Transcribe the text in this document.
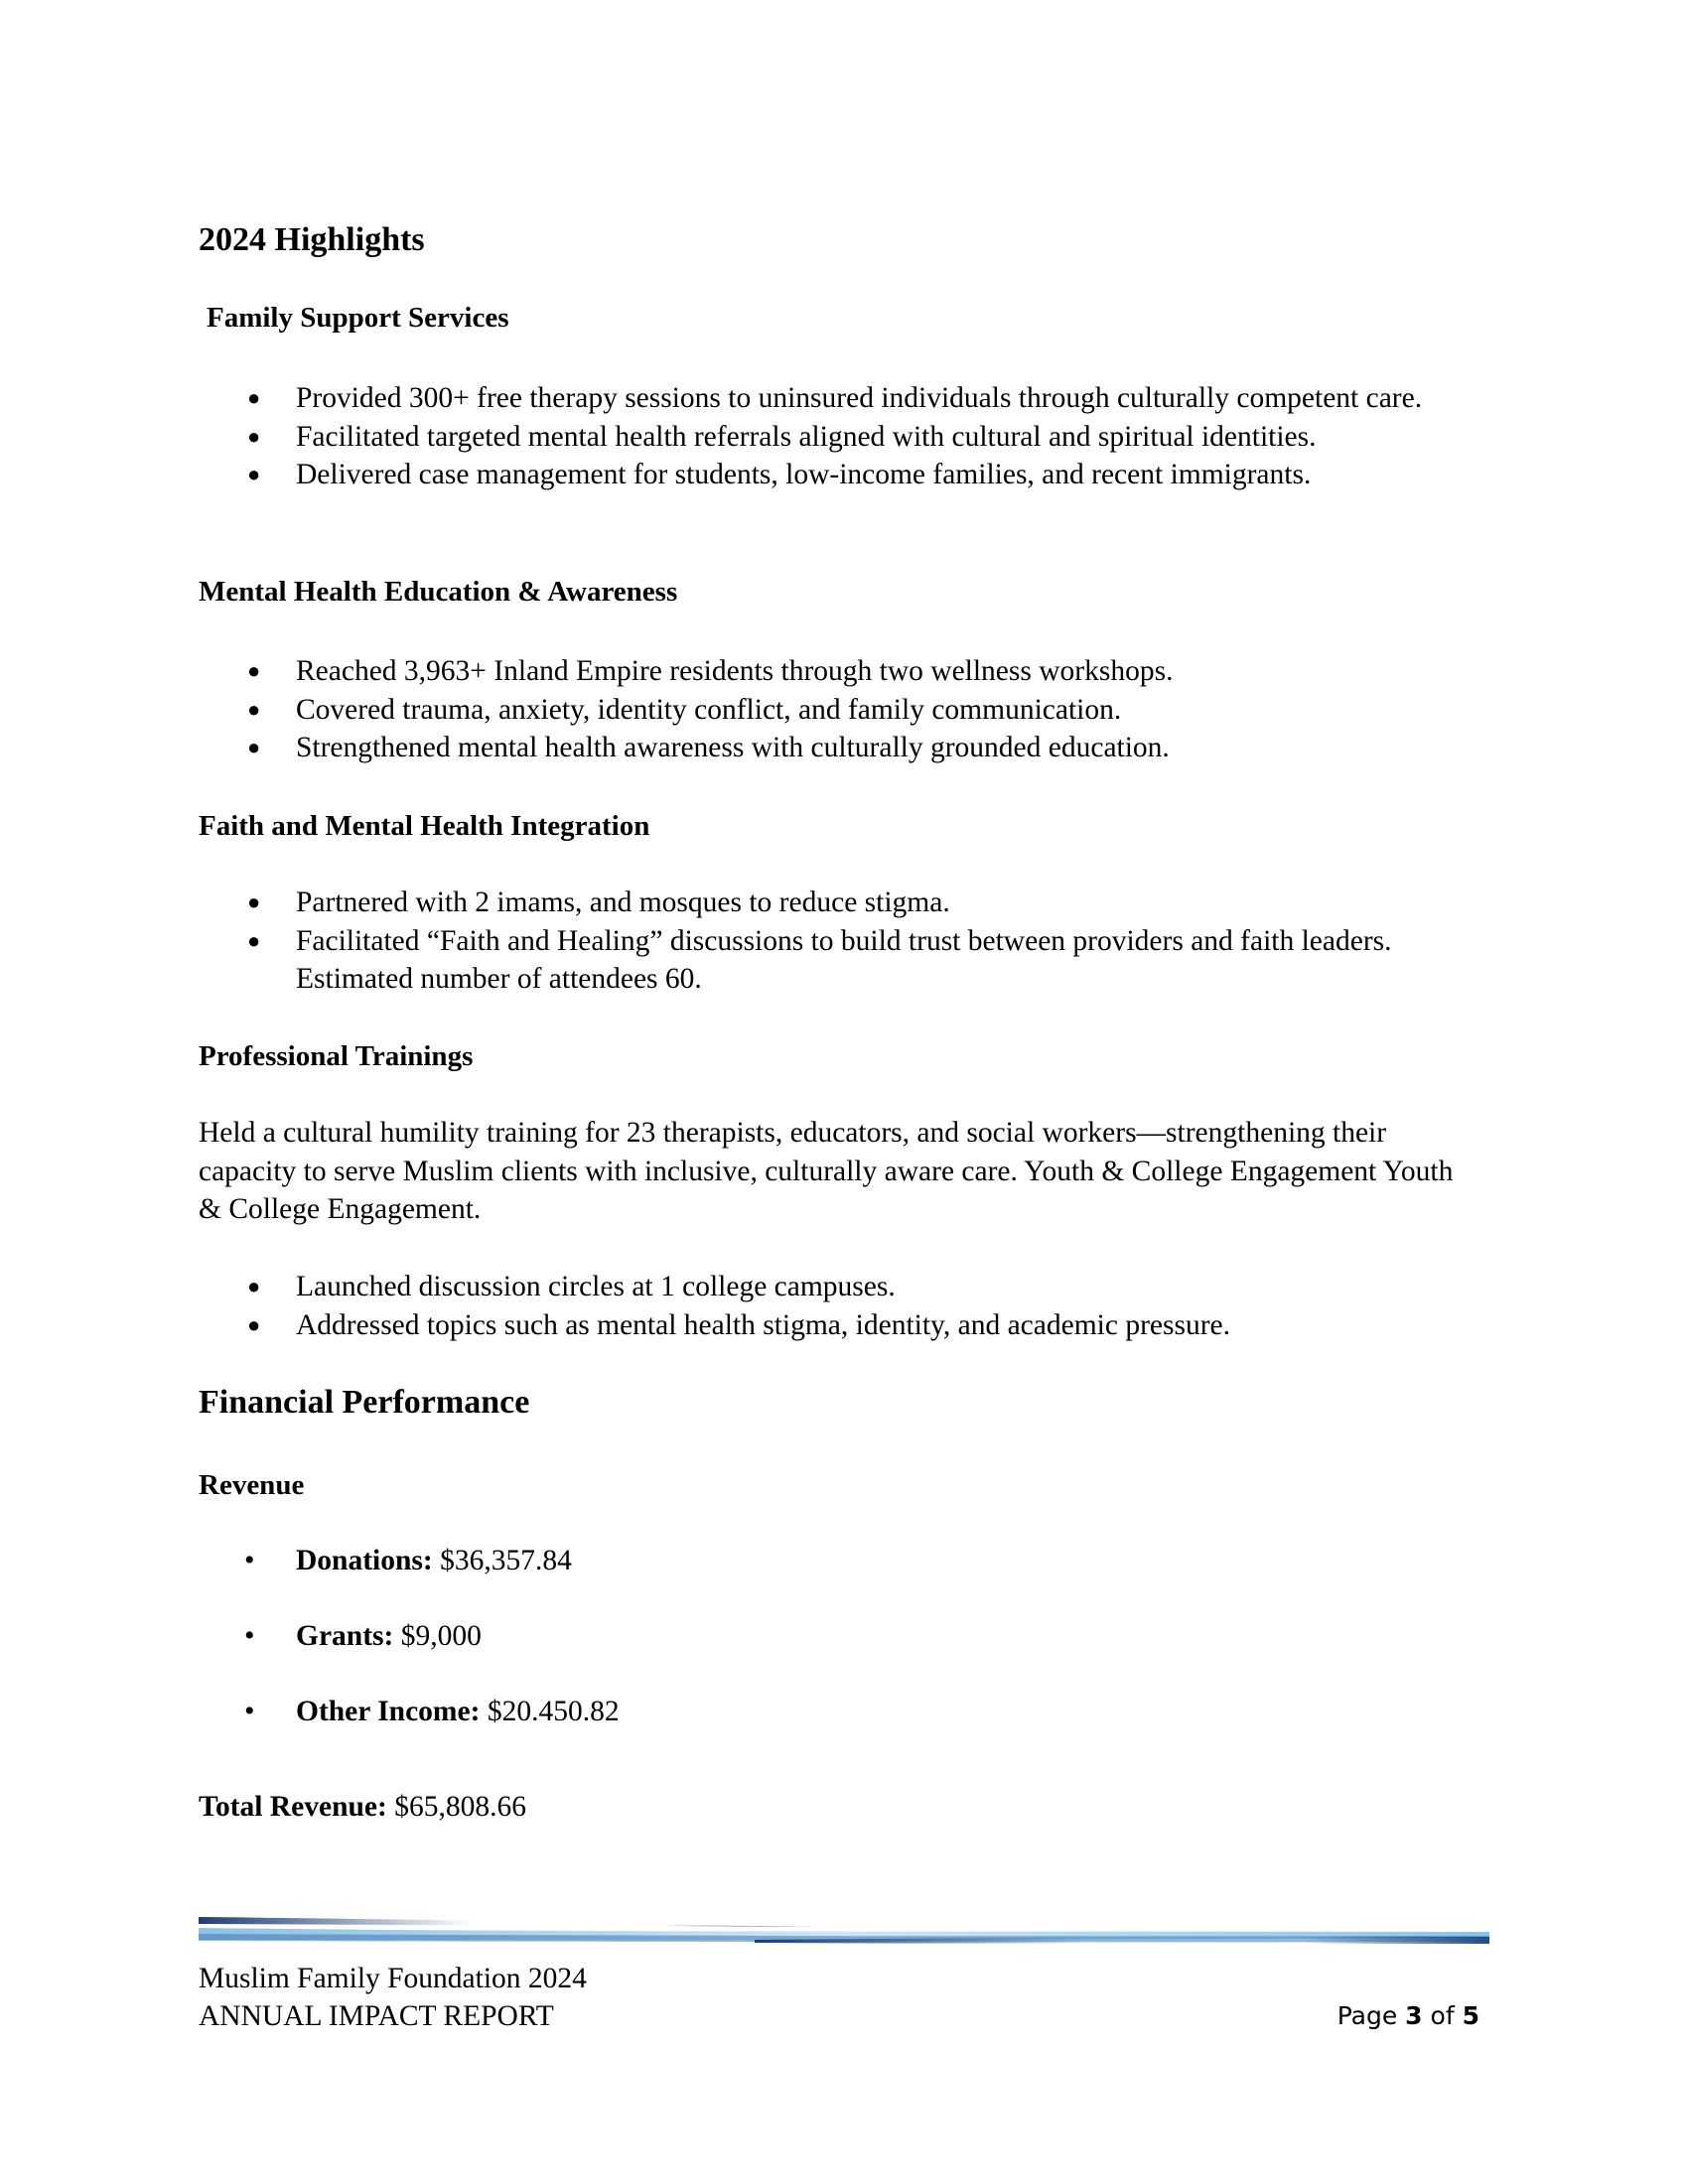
2024 Highlights
Family Support Services
● Provided 300+ free therapy sessions to uninsured individuals through culturally competent care.
● Facilitated targeted mental health referrals aligned with cultural and spiritual identities.
● Delivered case management for students, low-income families, and recent immigrants.
Mental Health Education & Awareness
● Reached 3,963+ Inland Empire residents through two wellness workshops.
● Covered trauma, anxiety, identity conflict, and family communication.
● Strengthened mental health awareness with culturally grounded education.
Faith and Mental Health Integration
● Partnered with 2 imams, and mosques to reduce stigma.
● Facilitated “Faith and Healing” discussions to build trust between providers and faith leaders. Estimated number of attendees 60.
Professional Trainings
Held a cultural humility training for 23 therapists, educators, and social workers—strengthening their capacity to serve Muslim clients with inclusive, culturally aware care. Youth & College Engagement Youth & College Engagement.
● Launched discussion circles at 1 college campuses.
● Addressed topics such as mental health stigma, identity, and academic pressure.
Financial Performance
Revenue
• Donations: $36,357.84
• Grants: $9,000
• Other Income: $20.450.82
Total Revenue: $65,808.66
Muslim Family Foundation 2024
ANNUAL IMPACT REPORT	Page 3 of 5
